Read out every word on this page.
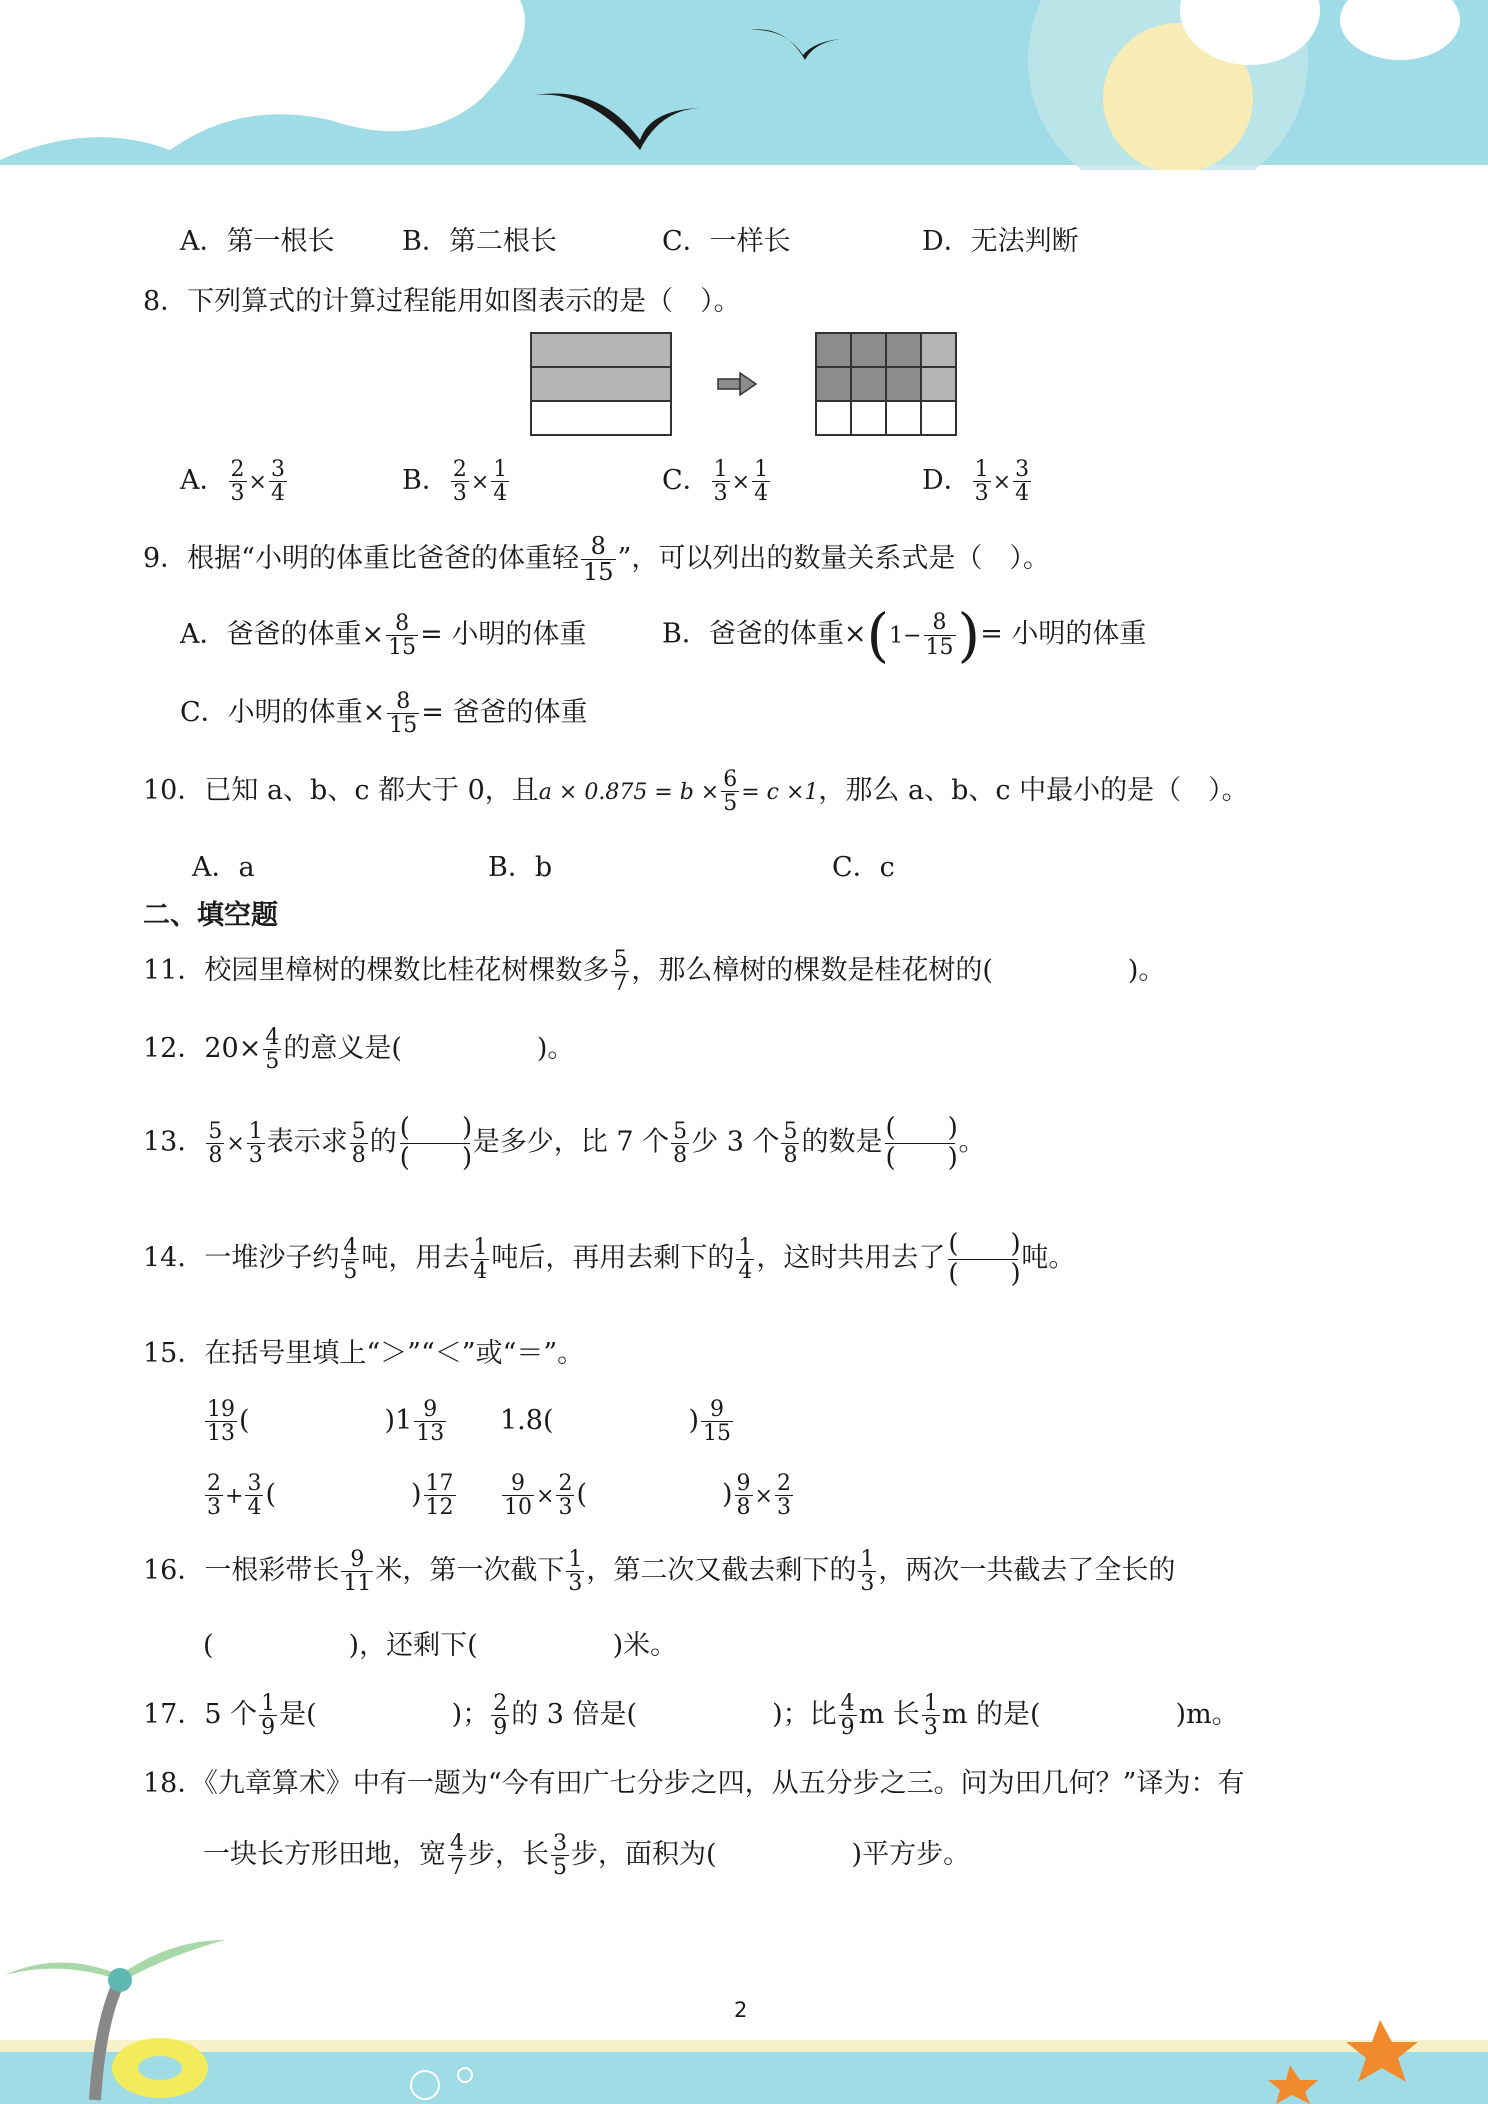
A．第一根长	B．第二根长	C．一样长	D．无法判断
8．下列算式的计算过程能用如图表示的是（　）。
A． $\frac{2}{3} \times \frac{3}{4}$	B． $\frac{2}{3} \times \frac{1}{4}$	C． $\frac{1}{3} \times \frac{1}{4}$	D． $\frac{1}{3} \times \frac{3}{4}$
9．根据“小明的体重比爸爸的体重轻 $\frac{8}{15}$ ”，可以列出的数量关系式是（　）。
A．爸爸的体重× $\frac{8}{15}$ = 小明的体重	B．爸爸的体重$\times(1- \frac{8}{15}$ )= 小明的体重
C．小明的体重× $\frac{8}{15}$ = 爸爸的体重
10．已知 a、b、c 都大于 0，且$a \times 0.875 = b \times \frac{6}{5} = c \times 1$，那么 a、b、c 中最小的是（　）。
A．a	B．b	C．c
二、填空题
11．校园里樟树的棵数比桂花树棵数多 $\frac{5}{7}$ ，那么樟树的棵数是桂花树的(　　　　　)。
12．$20\times \frac{4}{5}$ 的意义是(　　　　　)。
13． $\frac{5}{8} \times \frac{1}{3}$ 表示求 $\frac{5}{8}$ 的 (　　)
(　　)是多少，比 7 个 $\frac{5}{8}$ 少 3 个 $\frac{5}{8}$ 的数是 (　　)
(　　)。
14．一堆沙子约 $\frac{4}{5}$ 吨，用去 $\frac{1}{4}$ 吨后，再用去剩下的 $\frac{1}{4}$ ，这时共用去了 (　　)
(　　)吨。
15．在括号里填上“＞”“＜”或“＝”。
$\frac{19}{13}$ (　　　　　)$1 \frac{9}{13} 1.8$(　　　　　) $\frac{9}{15}$
$\frac{2}{3} + \frac{3}{4}$ (　　　　　) $\frac{17}{12} \frac{9}{10} \times \frac{2}{3}$ (　　　　　) $\frac{9}{8} \times \frac{2}{3}$
16．一根彩带长 $\frac{9}{11}$ 米，第一次截下 $\frac{1}{3}$ ，第二次又截去剩下的 $\frac{1}{3}$ ，两次一共截去了全长的
(　　　　　)，还剩下(　　　　　)米。
17．5 个 $\frac{1}{9}$ 是(　　　　　)； $\frac{2}{9}$ 的 3 倍是(　　　　　)；比 $\frac{4}{9}$ m 长 $\frac{1}{3}$ m 的是(　　　　　)m。
18．《九章算术》中有一题为“今有田广七分步之四，从五分步之三。问为田几何？”译为：有
一块长方形田地，宽 $\frac{4}{7}$ 步，长 $\frac{3}{5}$ 步，面积为(　　　　　)平方步。
2
